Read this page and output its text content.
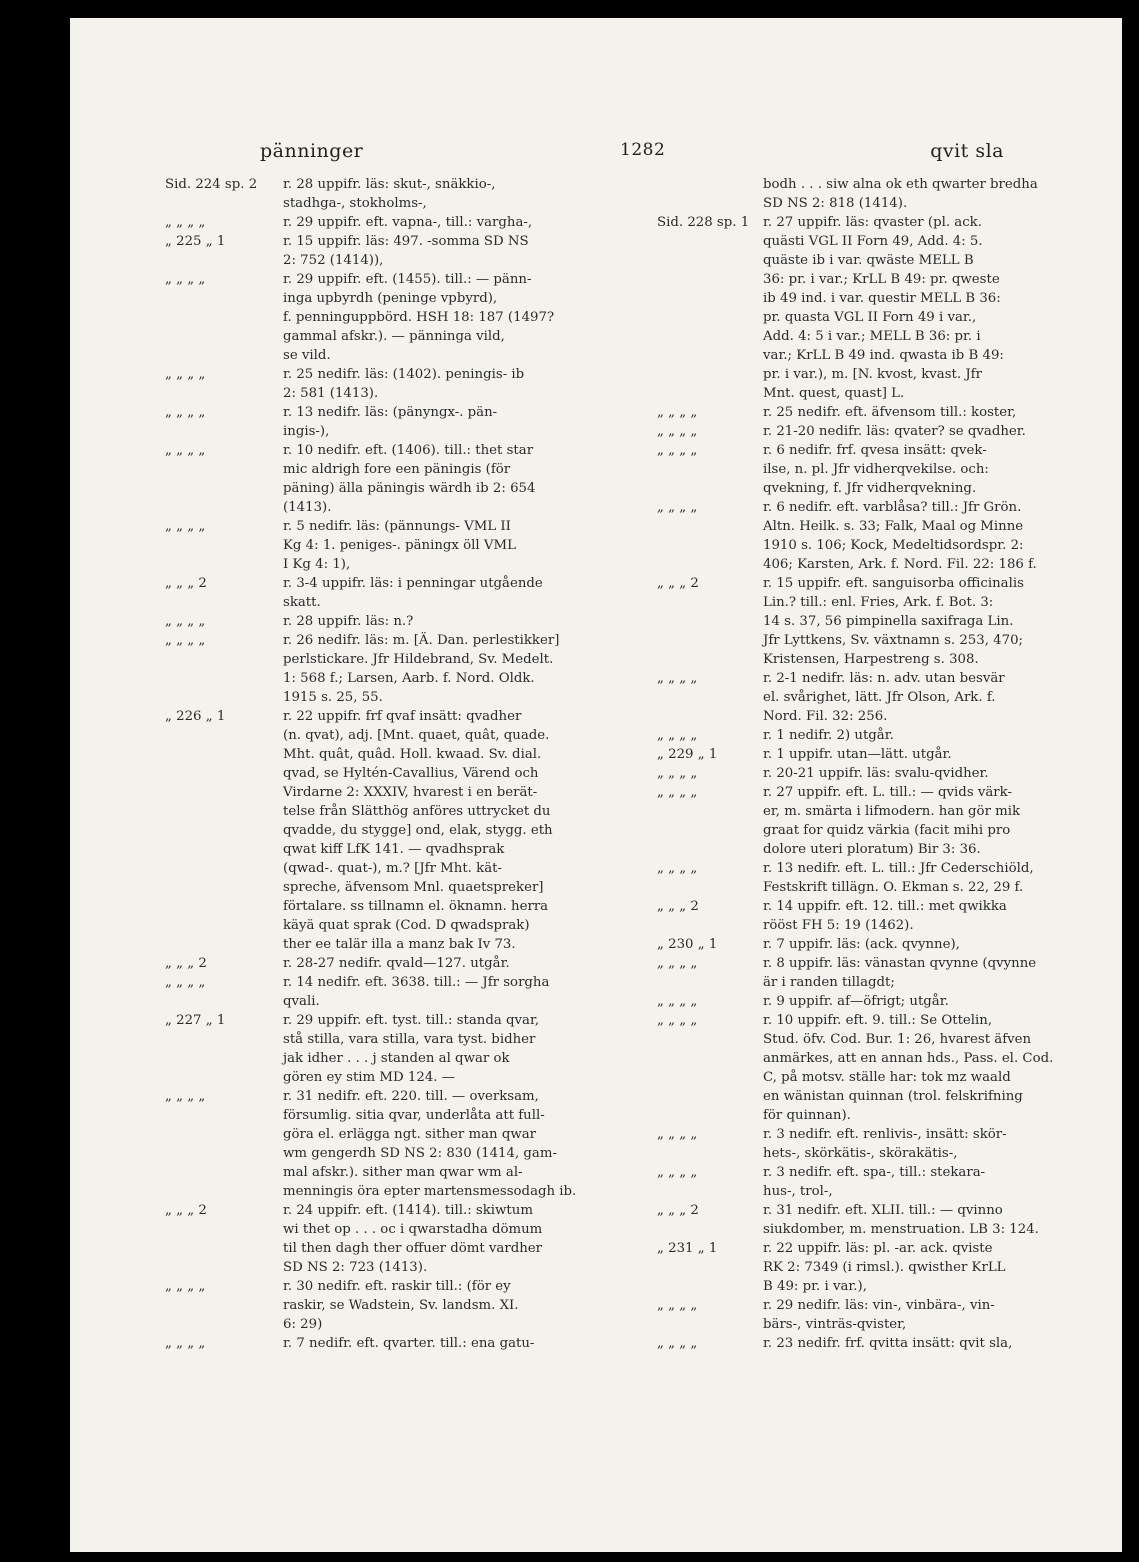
pänninger	1282	qvit sla
Sid. 224 sp. 2	r. 28 uppifr. läs: skut-, snäkkio-,
stadhga-, stokholms-,
„ „ „ „	r. 29 uppifr. eft. vapna-, till.: vargha-,
„ 225 „ 1	r. 15 uppifr. läs: 497. -somma SD NS
2: 752 (1414)),
„ „ „ „	r. 29 uppifr. eft. (1455). till.: — pänn-
inga upbyrdh (peninge vpbyrd),
f. penninguppbörd. HSH 18: 187 (1497?
gammal afskr.). — pänninga vild,
se vild.
„ „ „ „	r. 25 nedifr. läs: (1402). peningis- ib
2: 581 (1413).
„ „ „ „	r. 13 nedifr. läs: (pänyngx-. pän-
ingis-),
„ „ „ „	r. 10 nedifr. eft. (1406). till.: thet star
mic aldrigh fore een päningis (för
päning) älla päningis wärdh ib 2: 654
(1413).
„ „ „ „	r. 5 nedifr. läs: (pännungs- VML II
Kg 4: 1. peniges-. päningx öll VML
I Kg 4: 1),
„ „ „ 2	r. 3-4 uppifr. läs: i penningar utgående
skatt.
„ „ „ „	r. 28 uppifr. läs: n.?
„ „ „ „	r. 26 nedifr. läs: m. [Ä. Dan. perlestikker]
perlstickare. Jfr Hildebrand, Sv. Medelt.
1: 568 f.; Larsen, Aarb. f. Nord. Oldk.
1915 s. 25, 55.
„ 226 „ 1	r. 22 uppifr. frf qvaf insätt: qvadher
(n. qvat), adj. [Mnt. quaet, quât, quade.
Mht. quât, quâd. Holl. kwaad. Sv. dial.
qvad, se Hyltén-Cavallius, Värend och
Virdarne 2: XXXIV, hvarest i en berät-
telse från Slätthög anföres uttrycket du
qvadde, du stygge] ond, elak, stygg. eth
qwat kiff LfK 141. — qvadhsprak
(qwad-. quat-), m.? [Jfr Mht. kät-
spreche, äfvensom Mnl. quaetspreker]
förtalare. ss tillnamn el. öknamn. herra
käyä quat sprak (Cod. D qwadsprak)
ther ee talär illa a manz bak Iv 73.
„ „ „ 2	r. 28-27 nedifr. qvald—127. utgår.
„ „ „ „	r. 14 nedifr. eft. 3638. till.: — Jfr sorgha
qvali.
„ 227 „ 1	r. 29 uppifr. eft. tyst. till.: standa qvar,
stå stilla, vara stilla, vara tyst. bidher
jak idher . . . j standen al qwar ok
gören ey stim MD 124. —
„ „ „ „	r. 31 nedifr. eft. 220. till. — overksam,
försumlig. sitia qvar, underlåta att full-
göra el. erlägga ngt. sither man qwar
wm gengerdh SD NS 2: 830 (1414, gam-
mal afskr.). sither man qwar wm al-
menningis öra epter martensmessodagh ib.
„ „ „ 2	r. 24 uppifr. eft. (1414). till.: skiwtum
wi thet op . . . oc i qwarstadha dömum
til then dagh ther offuer dömt vardher
SD NS 2: 723 (1413).
„ „ „ „	r. 30 nedifr. eft. raskir till.: (för ey
raskir, se Wadstein, Sv. landsm. XI.
6: 29)
„ „ „ „	r. 7 nedifr. eft. qvarter. till.: ena gatu-
bodh . . . siw alna ok eth qwarter bredha
SD NS 2: 818 (1414).
Sid. 228 sp. 1	r. 27 uppifr. läs: qvaster (pl. ack.
quästi VGL II Forn 49, Add. 4: 5.
quäste ib i var. qwäste MELL B
36: pr. i var.; KrLL B 49: pr. qweste
ib 49 ind. i var. questir MELL B 36:
pr. quasta VGL II Forn 49 i var.,
Add. 4: 5 i var.; MELL B 36: pr. i
var.; KrLL B 49 ind. qwasta ib B 49:
pr. i var.), m. [N. kvost, kvast. Jfr
Mnt. quest, quast] L.
„ „ „ „	r. 25 nedifr. eft. äfvensom till.: koster,
„ „ „ „	r. 21-20 nedifr. läs: qvater? se qvadher.
„ „ „ „	r. 6 nedifr. frf. qvesa insätt: qvek-
ilse, n. pl. Jfr vidherqvekilse. och:
qvekning, f. Jfr vidherqvekning.
„ „ „ „	r. 6 nedifr. eft. varblåsa? till.: Jfr Grön.
Altn. Heilk. s. 33; Falk, Maal og Minne
1910 s. 106; Kock, Medeltidsordspr. 2:
406; Karsten, Ark. f. Nord. Fil. 22: 186 f.
„ „ „ 2	r. 15 uppifr. eft. sanguisorba officinalis
Lin.? till.: enl. Fries, Ark. f. Bot. 3:
14 s. 37, 56 pimpinella saxifraga Lin.
Jfr Lyttkens, Sv. växtnamn s. 253, 470;
Kristensen, Harpestreng s. 308.
„ „ „ „	r. 2-1 nedifr. läs: n. adv. utan besvär
el. svårighet, lätt. Jfr Olson, Ark. f.
Nord. Fil. 32: 256.
„ „ „ „	r. 1 nedifr. 2) utgår.
„ 229 „ 1	r. 1 uppifr. utan—lätt. utgår.
„ „ „ „	r. 20-21 uppifr. läs: svalu-qvidher.
„ „ „ „	r. 27 uppifr. eft. L. till.: — qvids värk-
er, m. smärta i lifmodern. han gör mik
graat for quidz värkia (facit mihi pro
dolore uteri ploratum) Bir 3: 36.
„ „ „ „	r. 13 nedifr. eft. L. till.: Jfr Cederschiöld,
Festskrift tillägn. O. Ekman s. 22, 29 f.
„ „ „ 2	r. 14 uppifr. eft. 12. till.: met qwikka
rööst FH 5: 19 (1462).
„ 230 „ 1	r. 7 uppifr. läs: (ack. qvynne),
„ „ „ „	r. 8 uppifr. läs: vänastan qvynne (qvynne
är i randen tillagdt;
„ „ „ „	r. 9 uppifr. af—öfrigt; utgår.
„ „ „ „	r. 10 uppifr. eft. 9. till.: Se Ottelin,
Stud. öfv. Cod. Bur. 1: 26, hvarest äfven
anmärkes, att en annan hds., Pass. el. Cod.
C, på motsv. ställe har: tok mz waald
en wänistan quinnan (trol. felskrifning
för quinnan).
„ „ „ „	r. 3 nedifr. eft. renlivis-, insätt: skör-
hets-, skörkätis-, skörakätis-,
„ „ „ „	r. 3 nedifr. eft. spa-, till.: stekara-
hus-, trol-,
„ „ „ 2	r. 31 nedifr. eft. XLII. till.: — qvinno
siukdomber, m. menstruation. LB 3: 124.
„ 231 „ 1	r. 22 uppifr. läs: pl. -ar. ack. qviste
RK 2: 7349 (i rimsl.). qwisther KrLL
B 49: pr. i var.),
„ „ „ „	r. 29 nedifr. läs: vin-, vinbära-, vin-
bärs-, vinträs-qvister,
„ „ „ „	r. 23 nedifr. frf. qvitta insätt: qvit sla,
